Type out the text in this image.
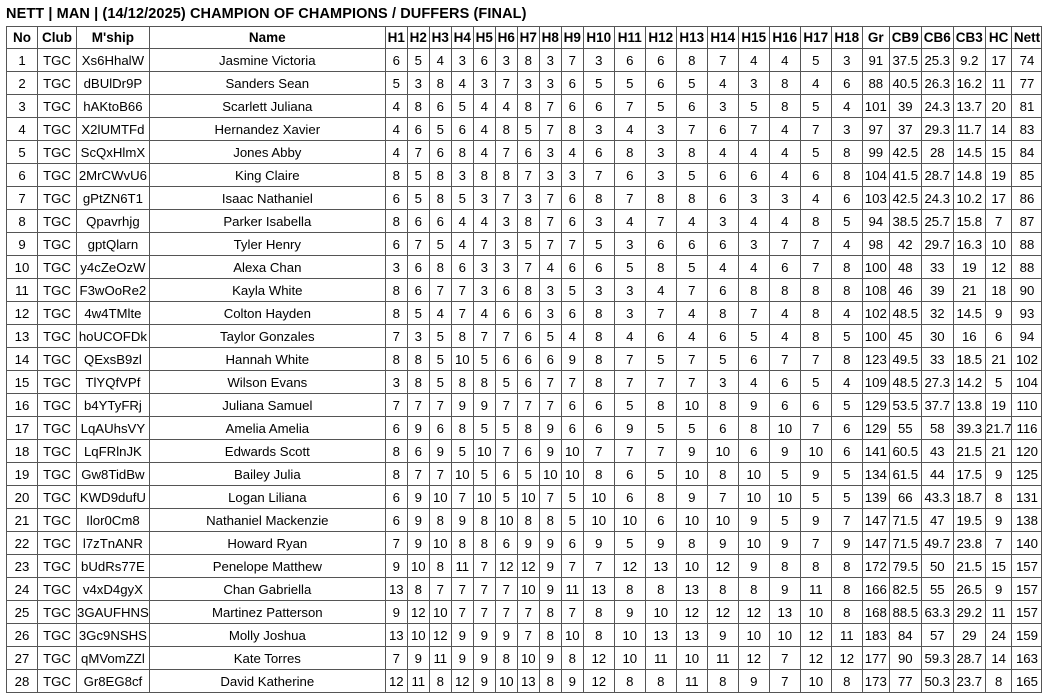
NETT | MAN | (14/12/2025) CHAMPION OF CHAMPIONS / DUFFERS (FINAL)
No	Club	M'ship	Name	H1	H2	H3	H4	H5	H6	H7	H8	H9	H10	H11	H12	H13	H14	H15	H16	H17	H18	Gr	CB9	CB6	CB3	HC	Nett
1	TGC	Xs6HhalW	Jasmine Victoria	6	5	4	3	6	3	8	3	7	3	6	6	8	7	4	4	5	3	91	37.5	25.3	9.2	17	74
2	TGC	dBUlDr9P	Sanders Sean	5	3	8	4	3	7	3	3	6	5	5	6	5	4	3	8	4	6	88	40.5	26.3	16.2	11	77
3	TGC	hAKtoB66	Scarlett Juliana	4	8	6	5	4	4	8	7	6	6	7	5	6	3	5	8	5	4	101	39	24.3	13.7	20	81
4	TGC	X2lUMTFd	Hernandez Xavier	4	6	5	6	4	8	5	7	8	3	4	3	7	6	7	4	7	3	97	37	29.3	11.7	14	83
5	TGC	ScQxHlmX	Jones Abby	4	7	6	8	4	7	6	3	4	6	8	3	8	4	4	4	5	8	99	42.5	28	14.5	15	84
6	TGC	2MrCWvU6	King Claire	8	5	8	3	8	8	7	3	3	7	6	3	5	6	6	4	6	8	104	41.5	28.7	14.8	19	85
7	TGC	gPtZN6T1	Isaac Nathaniel	6	5	8	5	3	7	3	7	6	8	7	8	8	6	3	3	4	6	103	42.5	24.3	10.2	17	86
8	TGC	Qpavrhjg	Parker Isabella	8	6	6	4	4	3	8	7	6	3	4	7	4	3	4	4	8	5	94	38.5	25.7	15.8	7	87
9	TGC	gptQlarn	Tyler Henry	6	7	5	4	7	3	5	7	7	5	3	6	6	6	3	7	7	4	98	42	29.7	16.3	10	88
10	TGC	y4cZeOzW	Alexa Chan	3	6	8	6	3	3	7	4	6	6	5	8	5	4	4	6	7	8	100	48	33	19	12	88
11	TGC	F3wOoRe2	Kayla White	8	6	7	7	3	6	8	3	5	3	3	4	7	6	8	8	8	8	108	46	39	21	18	90
12	TGC	4w4TMlte	Colton Hayden	8	5	4	7	4	6	6	3	6	8	3	7	4	8	7	4	8	4	102	48.5	32	14.5	9	93
13	TGC	hoUCOFDk	Taylor Gonzales	7	3	5	8	7	7	6	5	4	8	4	6	4	6	5	4	8	5	100	45	30	16	6	94
14	TGC	QExsB9zl	Hannah White	8	8	5	10	5	6	6	6	9	8	7	5	7	5	6	7	7	8	123	49.5	33	18.5	21	102
15	TGC	TlYQfVPf	Wilson Evans	3	8	5	8	8	5	6	7	7	8	7	7	7	3	4	6	5	4	109	48.5	27.3	14.2	5	104
16	TGC	b4YTyFRj	Juliana Samuel	7	7	7	9	9	7	7	7	6	6	5	8	10	8	9	6	6	5	129	53.5	37.7	13.8	19	110
17	TGC	LqAUhsVY	Amelia Amelia	6	9	6	8	5	5	8	9	6	6	9	5	5	6	8	10	7	6	129	55	58	39.3	21.7	116
18	TGC	LqFRlnJK	Edwards Scott	8	6	9	5	10	7	6	9	10	7	7	7	9	10	6	9	10	6	141	60.5	43	21.5	21	120
19	TGC	Gw8TidBw	Bailey Julia	8	7	7	10	5	6	5	10	10	8	6	5	10	8	10	5	9	5	134	61.5	44	17.5	9	125
20	TGC	KWD9dufU	Logan Liliana	6	9	10	7	10	5	10	7	5	10	6	8	9	7	10	10	5	5	139	66	43.3	18.7	8	131
21	TGC	Ilor0Cm8	Nathaniel Mackenzie	6	9	8	9	8	10	8	8	5	10	10	6	10	10	9	5	9	7	147	71.5	47	19.5	9	138
22	TGC	l7zTnANR	Howard Ryan	7	9	10	8	8	6	9	9	6	9	5	9	8	9	10	9	7	9	147	71.5	49.7	23.8	7	140
23	TGC	bUdRs77E	Penelope Matthew	9	10	8	11	7	12	12	9	7	7	12	13	10	12	9	8	8	8	172	79.5	50	21.5	15	157
24	TGC	v4xD4gyX	Chan Gabriella	13	8	7	7	7	7	10	9	11	13	8	8	13	8	8	9	11	8	166	82.5	55	26.5	9	157
25	TGC	3GAUFHNS	Martinez Patterson	9	12	10	7	7	7	7	8	7	8	9	10	12	12	12	13	10	8	168	88.5	63.3	29.2	11	157
26	TGC	3Gc9NSHS	Molly Joshua	13	10	12	9	9	9	7	8	10	8	10	13	13	9	10	10	12	11	183	84	57	29	24	159
27	TGC	qMVomZZl	Kate Torres	7	9	11	9	9	8	10	9	8	12	10	11	10	11	12	7	12	12	177	90	59.3	28.7	14	163
28	TGC	Gr8EG8cf	David Katherine	12	11	8	12	9	10	13	8	9	12	8	8	11	8	9	7	10	8	173	77	50.3	23.7	8	165
